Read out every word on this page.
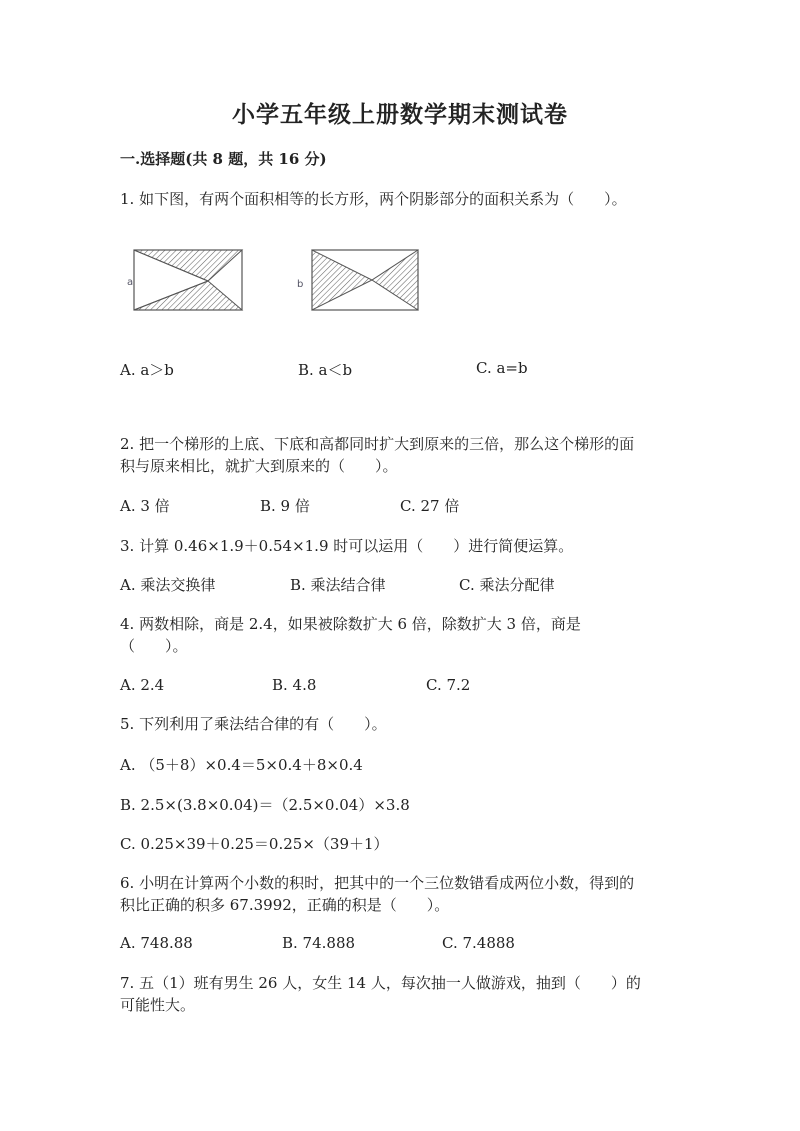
小学五年级上册数学期末测试卷
一.选择题(共 8 题，共 16 分)
1. 如下图，有两个面积相等的长方形，两个阴影部分的面积关系为（　　）。
a	b
A. a＞b	B. a＜b	C. a=b
2. 把一个梯形的上底、下底和高都同时扩大到原来的三倍，那么这个梯形的面
积与原来相比，就扩大到原来的（　　）。
A. 3 倍	B. 9 倍	C. 27 倍
3. 计算 0.46×1.9＋0.54×1.9 时可以运用（　　）进行简便运算。
A. 乘法交换律	B. 乘法结合律	C. 乘法分配律
4. 两数相除，商是 2.4，如果被除数扩大 6 倍，除数扩大 3 倍，商是
（　　）。
A. 2.4	B. 4.8	C. 7.2
5. 下列利用了乘法结合律的有（　　）。
A. （5＋8）×0.4＝5×0.4＋8×0.4
B. 2.5×(3.8×0.04)＝（2.5×0.04）×3.8
C. 0.25×39＋0.25＝0.25×（39＋1）
6. 小明在计算两个小数的积时，把其中的一个三位数错看成两位小数，得到的
积比正确的积多 67.3992，正确的积是（　　）。
A. 748.88	B. 74.888	C. 7.4888
7. 五（1）班有男生 26 人，女生 14 人，每次抽一人做游戏，抽到（　　）的
可能性大。
